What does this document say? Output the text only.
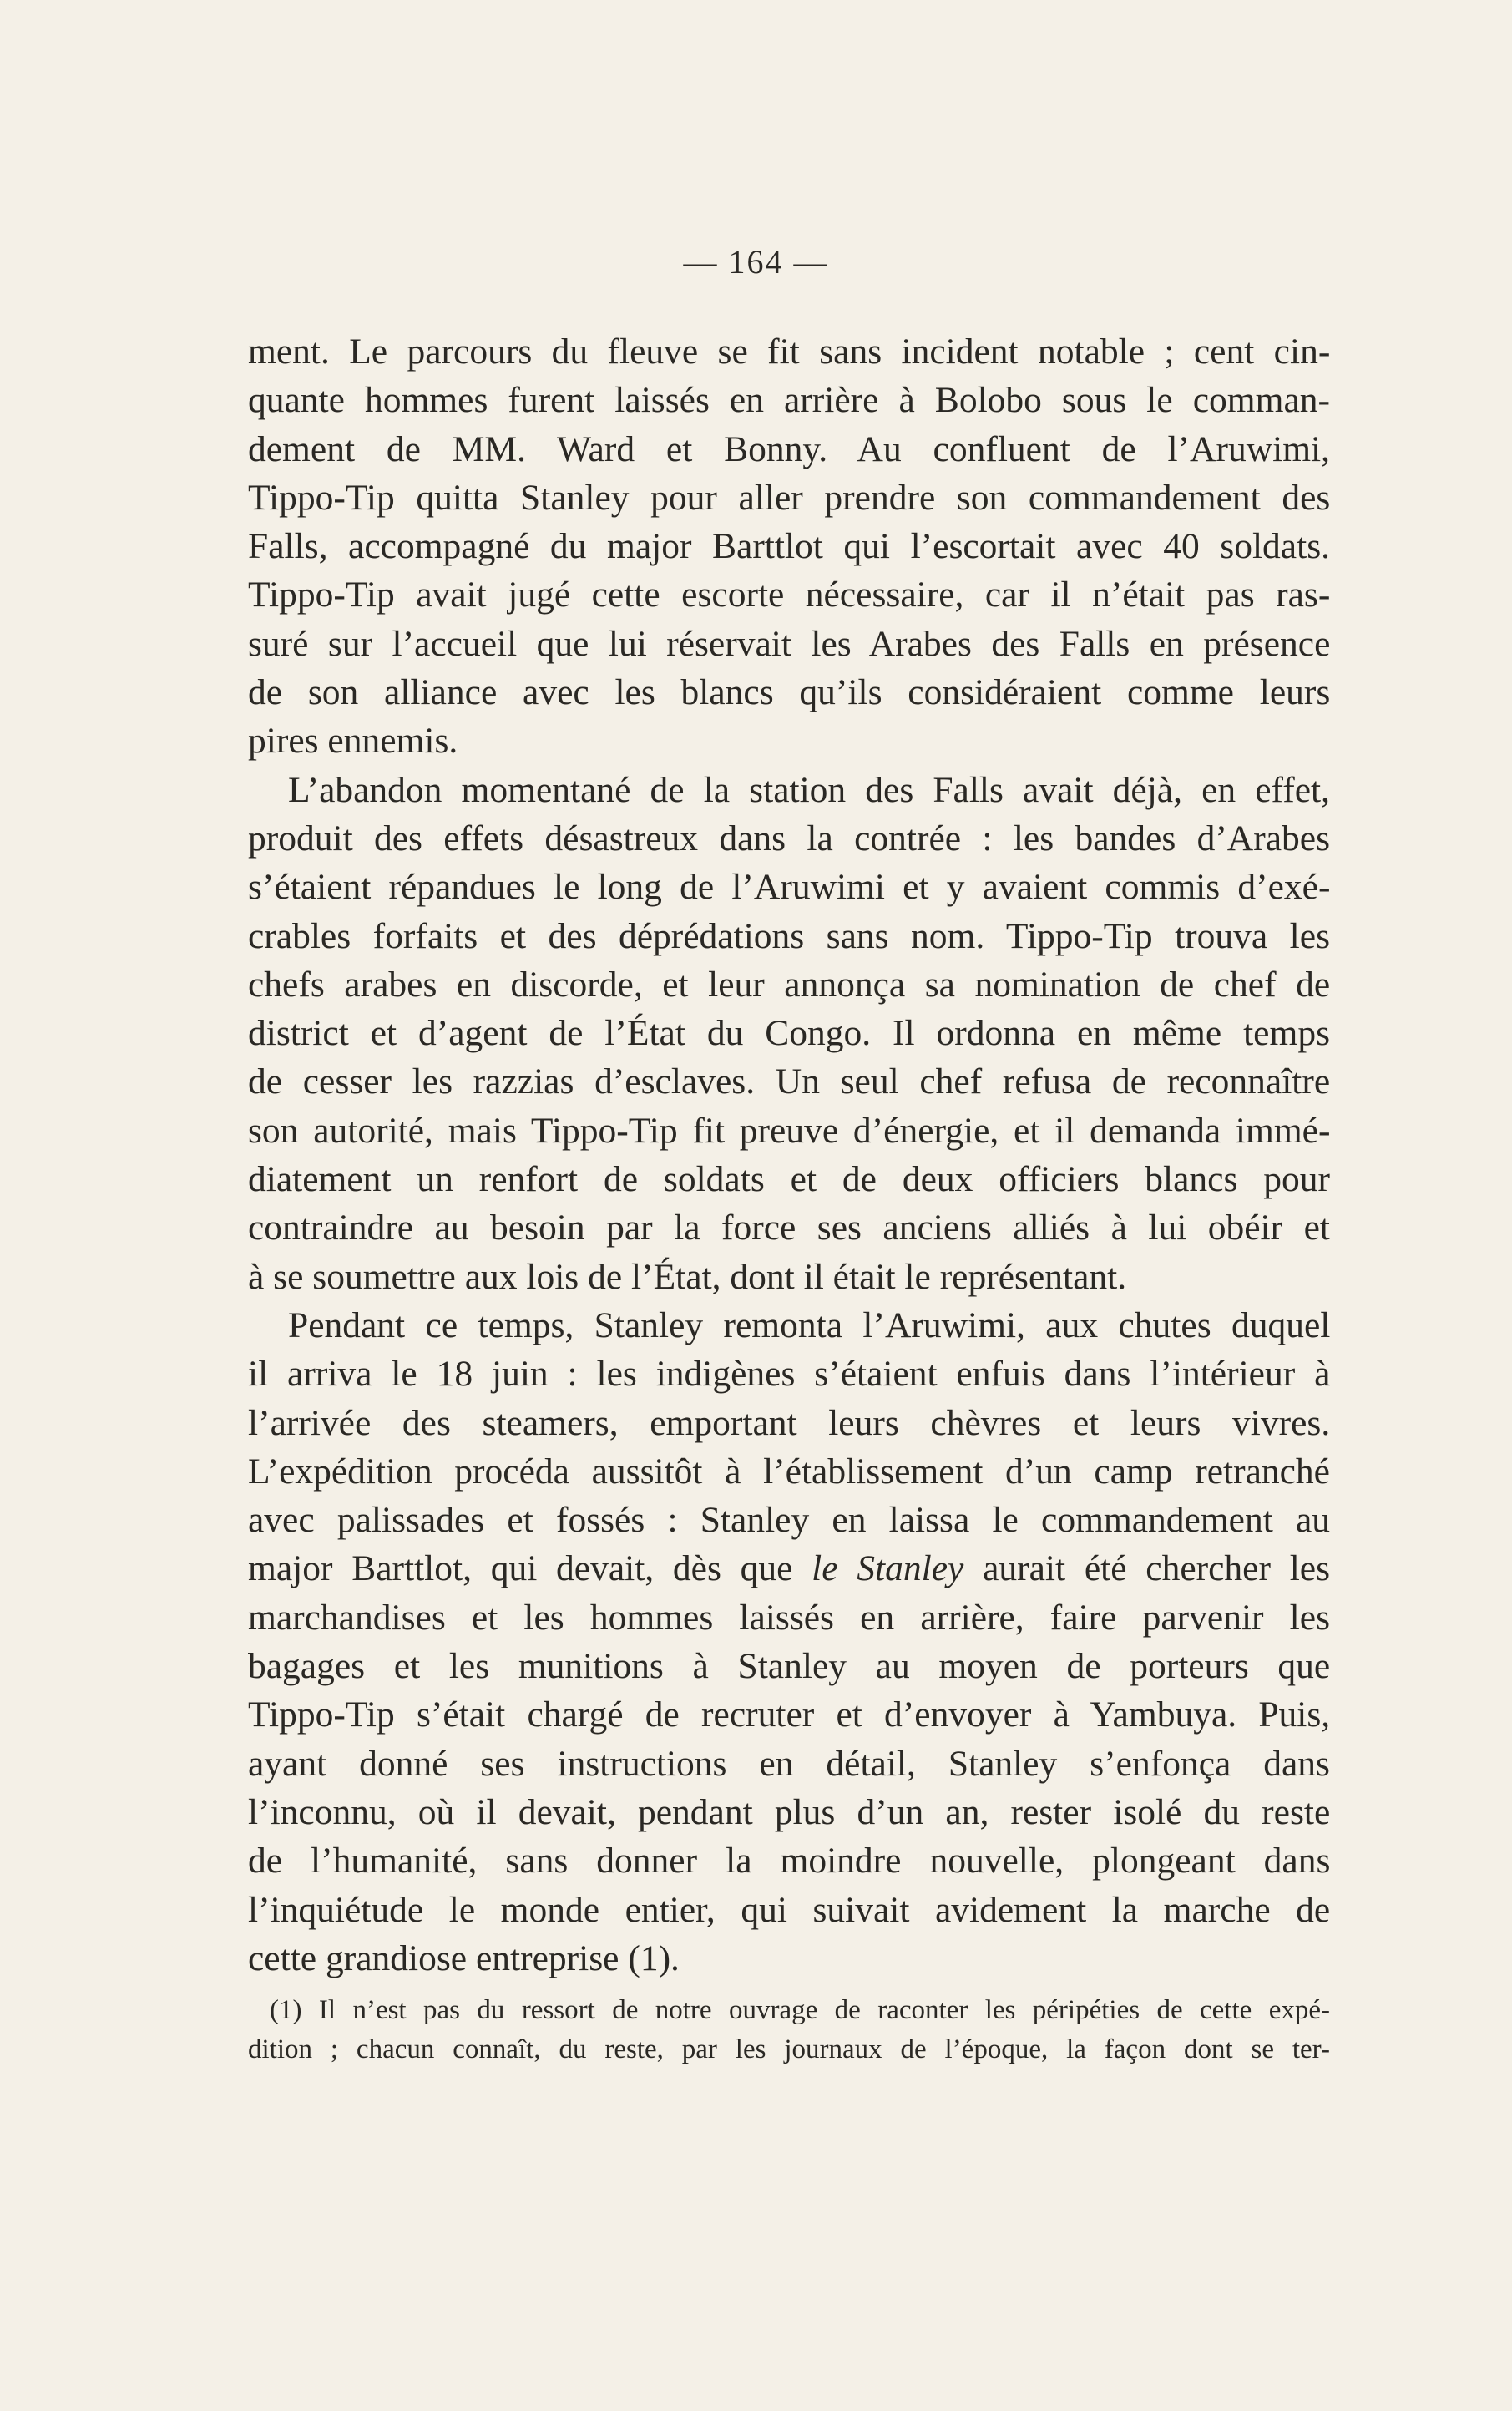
— 164 —
ment. Le parcours du fleuve se fit sans incident notable ; cent cin-
quante hommes furent laissés en arrière à Bolobo sous le comman-
dement de MM. Ward et Bonny. Au confluent de l’Aruwimi,
Tippo-Tip quitta Stanley pour aller prendre son commandement des
Falls, accompagné du major Barttlot qui l’escortait avec 40 soldats.
Tippo-Tip avait jugé cette escorte nécessaire, car il n’était pas ras-
suré sur l’accueil que lui réservait les Arabes des Falls en présence
de son alliance avec les blancs qu’ils considéraient comme leurs
pires ennemis.
L’abandon momentané de la station des Falls avait déjà, en effet,
produit des effets désastreux dans la contrée : les bandes d’Arabes
s’étaient répandues le long de l’Aruwimi et y avaient commis d’exé-
crables forfaits et des déprédations sans nom. Tippo-Tip trouva les
chefs arabes en discorde, et leur annonça sa nomination de chef de
district et d’agent de l’État du Congo. Il ordonna en même temps
de cesser les razzias d’esclaves. Un seul chef refusa de reconnaître
son autorité, mais Tippo-Tip fit preuve d’énergie, et il demanda immé-
diatement un renfort de soldats et de deux officiers blancs pour
contraindre au besoin par la force ses anciens alliés à lui obéir et
à se soumettre aux lois de l’État, dont il était le représentant.
Pendant ce temps, Stanley remonta l’Aruwimi, aux chutes duquel
il arriva le 18 juin : les indigènes s’étaient enfuis dans l’intérieur à
l’arrivée des steamers, emportant leurs chèvres et leurs vivres.
L’expédition procéda aussitôt à l’établissement d’un camp retranché
avec palissades et fossés : Stanley en laissa le commandement au
major Barttlot, qui devait, dès que le Stanley aurait été chercher les
marchandises et les hommes laissés en arrière, faire parvenir les
bagages et les munitions à Stanley au moyen de porteurs que
Tippo-Tip s’était chargé de recruter et d’envoyer à Yambuya. Puis,
ayant donné ses instructions en détail, Stanley s’enfonça dans
l’inconnu, où il devait, pendant plus d’un an, rester isolé du reste
de l’humanité, sans donner la moindre nouvelle, plongeant dans
l’inquiétude le monde entier, qui suivait avidement la marche de
cette grandiose entreprise (1).
(1) Il n’est pas du ressort de notre ouvrage de raconter les péripéties de cette expé-
dition ; chacun connaît, du reste, par les journaux de l’époque, la façon dont se ter-
